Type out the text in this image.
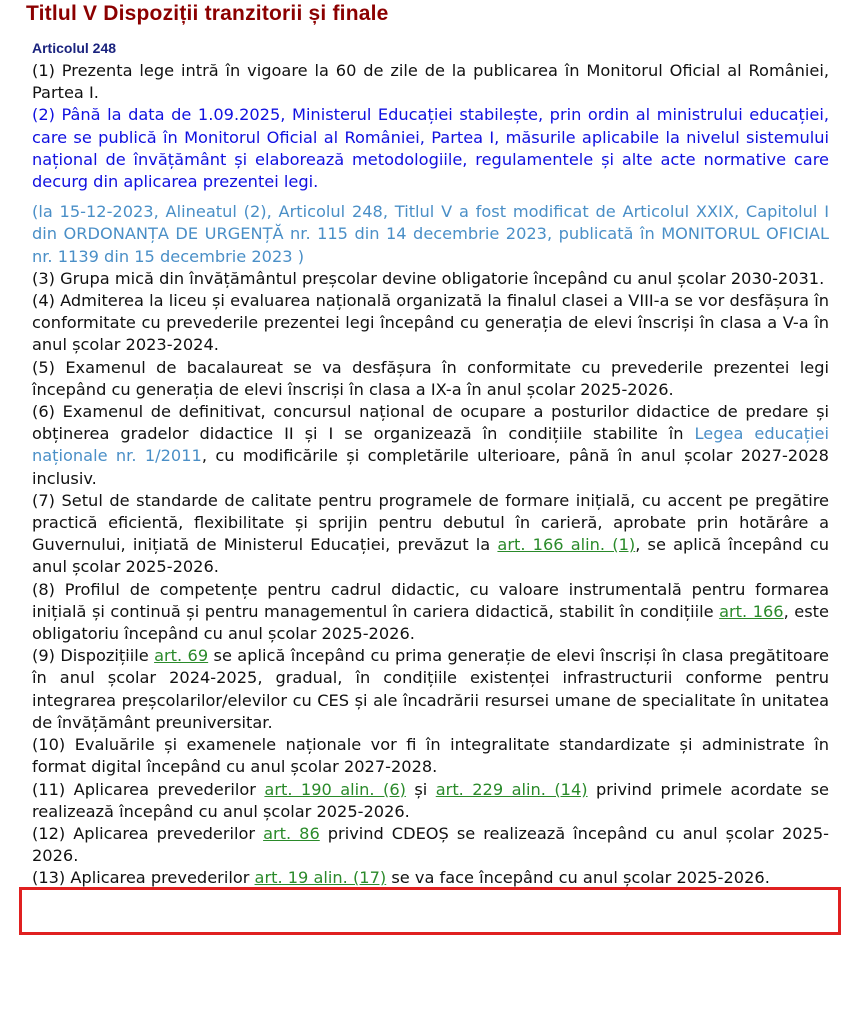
Titlul V Dispoziții tranzitorii și finale
Articolul 248

(1) Prezenta lege intră în vigoare la 60 de zile de la publicarea în Monitorul Oficial al României, Partea I.

(2) Până la data de 1.09.2025, Ministerul Educației stabilește, prin ordin al ministrului educației, care se publică în Monitorul Oficial al României, Partea I, măsurile aplicabile la nivelul sistemului național de învățământ și elaborează metodologiile, regulamentele și alte acte normative care decurg din aplicarea prezentei legi.

(la 15-12-2023, Alineatul (2), Articolul 248, Titlul V a fost modificat de Articolul XXIX, Capitolul I din ORDONANȚA DE URGENȚĂ nr. 115 din 14 decembrie 2023, publicată în MONITORUL OFICIAL nr. 1139 din 15 decembrie 2023 )

(3) Grupa mică din învățământul preșcolar devine obligatorie începând cu anul școlar 2030-2031.

(4) Admiterea la liceu și evaluarea națională organizată la finalul clasei a VIII-a se vor desfășura în conformitate cu prevederile prezentei legi începând cu generația de elevi înscriși în clasa a V-a în anul școlar 2023-2024.

(5) Examenul de bacalaureat se va desfășura în conformitate cu prevederile prezentei legi începând cu generația de elevi înscriși în clasa a IX-a în anul școlar 2025-2026.

(6) Examenul de definitivat, concursul național de ocupare a posturilor didactice de predare și obținerea gradelor didactice II și I se organizează în condițiile stabilite în Legea educației naționale nr. 1/2011, cu modificările și completările ulterioare, până în anul școlar 2027-2028 inclusiv.

(7) Setul de standarde de calitate pentru programele de formare inițială, cu accent pe pregătire practică eficientă, flexibilitate și sprijin pentru debutul în carieră, aprobate prin hotărâre a Guvernului, inițiată de Ministerul Educației, prevăzut la art. 166 alin. (1), se aplică începând cu anul școlar 2025-2026.

(8) Profilul de competențe pentru cadrul didactic, cu valoare instrumentală pentru formarea inițială și continuă și pentru managementul în cariera didactică, stabilit în condițiile art. 166, este obligatoriu începând cu anul școlar 2025-2026.

(9) Dispozițiile art. 69 se aplică începând cu prima generație de elevi înscriși în clasa pregătitoare în anul școlar 2024-2025, gradual, în condițiile existenței infrastructurii conforme pentru integrarea preșcolarilor/elevilor cu CES și ale încadrării resursei umane de specialitate în unitatea de învățământ preuniversitar.

(10) Evaluările și examenele naționale vor fi în integralitate standardizate și administrate în format digital începând cu anul școlar 2027-2028.

(11) Aplicarea prevederilor art. 190 alin. (6) și art. 229 alin. (14) privind primele acordate se realizează începând cu anul școlar 2025-2026.

(12) Aplicarea prevederilor art. 86 privind CDEOȘ se realizează începând cu anul școlar 2025-2026.

(13) Aplicarea prevederilor art. 19 alin. (17) se va face începând cu anul școlar 2025-2026.
